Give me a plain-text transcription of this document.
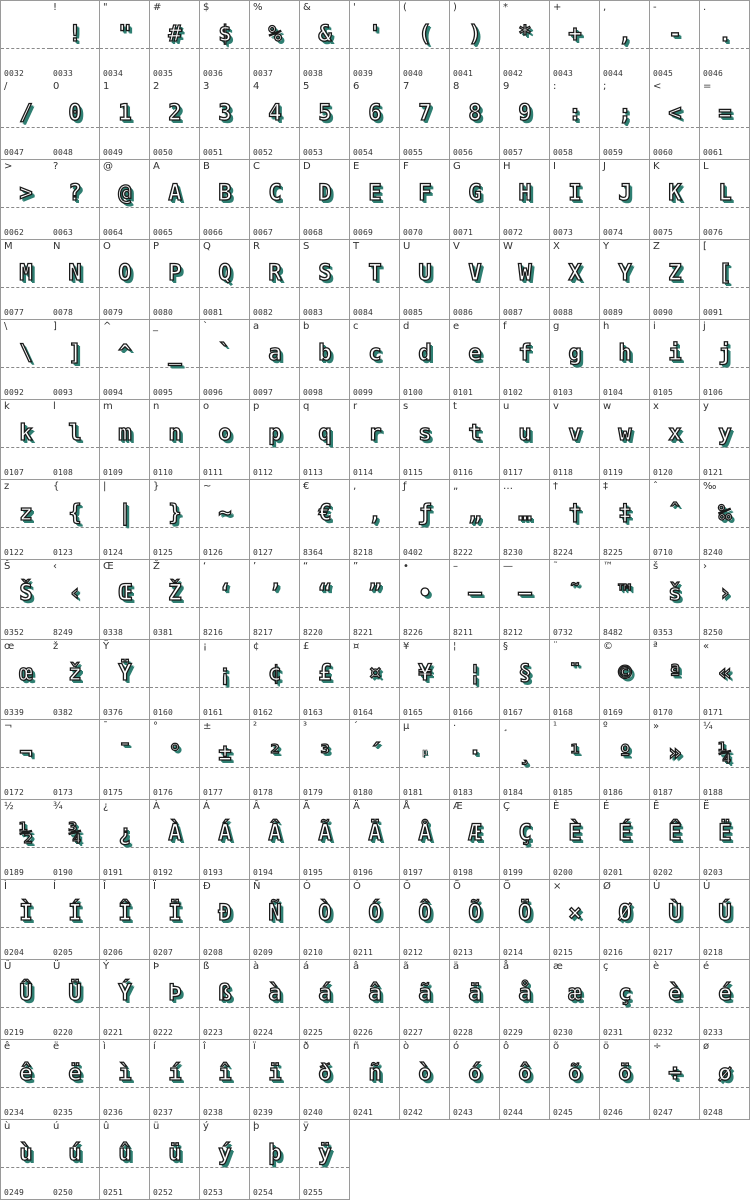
0032
!
!
0033
"
"
0034
#
#
0035
$
$
0036
%
%
0037
&
&
0038
'
'
0039
(
(
0040
)
)
0041
*
*
0042
+
+
0043
,
,
0044
-
-
0045
.
.
0046
/
/
0047
0
0
0048
1
1
0049
2
2
0050
3
3
0051
4
4
0052
5
5
0053
6
6
0054
7
7
0055
8
8
0056
9
9
0057
:
:
0058
;
;
0059
<
<
0060
=
=
0061
>
>
0062
?
?
0063
@
@
0064
A
A
0065
B
B
0066
C
C
0067
D
D
0068
E
E
0069
F
F
0070
G
G
0071
H
H
0072
I
I
0073
J
J
0074
K
K
0075
L
L
0076
M
M
0077
N
N
0078
O
O
0079
P
P
0080
Q
Q
0081
R
R
0082
S
S
0083
T
T
0084
U
U
0085
V
V
0086
W
W
0087
X
X
0088
Y
Y
0089
Z
Z
0090
[
[
0091
\
\
0092
]
]
0093
^
^
0094
_
_
0095
`
`
0096
a
a
0097
b
b
0098
c
c
0099
d
d
0100
e
e
0101
f
f
0102
g
g
0103
h
h
0104
i
i
0105
j
j
0106
k
k
0107
l
l
0108
m
m
0109
n
n
0110
o
o
0111
p
p
0112
q
q
0113
r
r
0114
s
s
0115
t
t
0116
u
u
0117
v
v
0118
w
w
0119
x
x
0120
y
y
0121
z
z
0122
{
{
0123
|
|
0124
}
}
0125
~
~
0126	0127
€
€
8364
‚
‚
8218
ƒ
ƒ
0402
„
„
8222
…
…
8230
†
†
8224
‡
‡
8225
ˆ
ˆ
0710
‰
‰
8240
Š
Š
0352
‹
‹
8249
Œ
Œ
0338
Ž
Ž
0381
‘
‘
8216
’
’
8217
“
“
8220
”
”
8221
•
•
8226
–
–
8211
—
—
8212
˜
˜
0732
™
™
8482
š
š
0353
›
›
8250
œ
œ
0339
ž
ž
0382
Ÿ
Ÿ
0376	0160
¡
¡
0161
¢
¢
0162
£
£
0163
¤
¤
0164
¥
¥
0165
¦
¦
0166
§
§
0167
¨
¨
0168
©
©
0169
ª
ª
0170
«
«
0171
¬
¬
0172	0173
¯
¯
0175
°
°
0176
±
±
0177
²
²
0178
³
³
0179
´
´
0180
µ
µ
0181
·
·
0183
¸
¸
0184
¹
¹
0185
º
º
0186
»
»
0187
¼
¼
0188
½
½
0189
¾
¾
0190
¿
¿
0191
À
À
0192
Á
Á
0193
Â
Â
0194
Ã
Ã
0195
Ä
Ä
0196
Å
Å
0197
Æ
Æ
0198
Ç
Ç
0199
È
È
0200
É
É
0201
Ê
Ê
0202
Ë
Ë
0203
Ì
Ì
0204
Í
Í
0205
Î
Î
0206
Ï
Ï
0207
Ð
Ð
0208
Ñ
Ñ
0209
Ò
Ò
0210
Ó
Ó
0211
Ô
Ô
0212
Õ
Õ
0213
Ö
Ö
0214
×
×
0215
Ø
Ø
0216
Ù
Ù
0217
Ú
Ú
0218
Û
Û
0219
Ü
Ü
0220
Ý
Ý
0221
Þ
Þ
0222
ß
ß
0223
à
à
0224
á
á
0225
â
â
0226
ã
ã
0227
ä
ä
0228
å
å
0229
æ
æ
0230
ç
ç
0231
è
è
0232
é
é
0233
ê
ê
0234
ë
ë
0235
ì
ì
0236
í
í
0237
î
î
0238
ï
ï
0239
ð
ð
0240
ñ
ñ
0241
ò
ò
0242
ó
ó
0243
ô
ô
0244
õ
õ
0245
ö
ö
0246
÷
÷
0247
ø
ø
0248
ù
ù
0249
ú
ú
0250
û
û
0251
ü
ü
0252
ý
ý
0253
þ
þ
0254
ÿ
ÿ
0255
